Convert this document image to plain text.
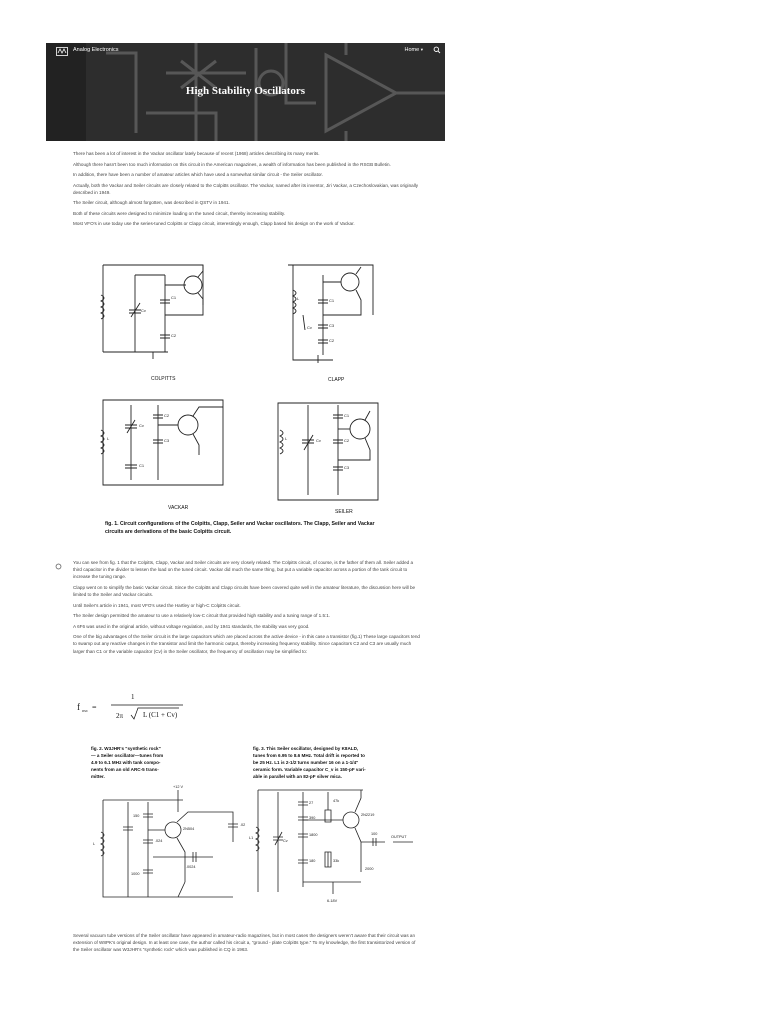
Analog Electronics	Home ▾
High Stability Oscillators

There has been a lot of interest in the Vackar oscillator lately because of recent (1968) articles describing its many merits.

Although there hasn't been too much information on this circuit in the American magazines, a wealth of information has been published in the RSGB Bulletin.

In addition, there have been a number of amateur articles which have used a somewhat similar circuit - the Seiler oscillator.

Actually, both the Vackar and Seiler circuits are closely related to the Colpitts oscillator. The Vackar, named after its inventor, Jiri Vackar, a Czechoslovakian, was originally described in 1949.

The Seiler circuit, although almost forgotten, was described in QSTV in 1941.

Both of these circuits were designed to minimize loading on the tuned circuit, thereby increasing stability.

Most VFO's in use today use the series-tuned Colpitts or Clapp circuit, interestingly enough, Clapp based his design on the work of Vackar.

C1
C2
Cv
L	C1
C3
C2
Cv
L
Cv
C2
C3
C1
L	Cv
C1
C2
C3
COLPITTS	CLAPP
VACKAR
SEILER
fig. 1. Circuit configurations of the Colpitts, Clapp, Seiler and Vackar oscillators. The Clapp, Seiler and Vackar
circuits are derivations of the basic Colpitts circuit.

You can see from fig. 1 that the Colpitts, Clapp, Vackar and Seiler circuits are very closely related. The Colpitts circuit, of course, is the father of them all. Seiler added a third capacitor in the divider to lessen the load on the tuned circuit. Vackar did much the same thing, but put a variable capacitor across a portion of the tank circuit to increase the tuning range.

Clapp went on to simplify the basic Vackar circuit. Since the Colpitts and Clapp circuits have been covered quite well in the amateur literature, the discussion here will be limited to the Seiler and Vackar circuits.

Until Seiler's article in 1941, most VFO's used the Hartley or high-C Colpitts circuit.

The Seiler design permitted the amateur to use a relatively low-C circuit that provided high stability and a tuning range of 1.5:1.

A 6F6 was used in the original article, without voltage regulation, and by 1941 standards, the stability was very good.

One of the big advantages of the Seiler circuit is the large capacitors which are placed across the active device - in this case a transistor (fig.1) These large capacitors tend to swamp out any reactive changes in the transistor and limit the harmonic output, thereby increasing frequency stability. Since capacitors C2 and C3 are usually much larger than C1 or the variable capacitor (Cv) in the Seiler oscillator, the frequency of oscillation may be simplified to:

f osc =
1
2π	L (C1 + Cv)
fig. 2. W3JHR's "synthetic rock"
— a Seiler oscillator—tunes from
4.9 to 6.1 MHz with tank compo-
nents from an old ARC-5 trans-
mitter.
fig. 3. This Seiler oscillator, designed by K8ALD,
tunes from 6.95 to 8.6 MHz. Total drift is reported to
be 25 Hz. L1 is 2-1/2 turns number 16 on a 1-1/4"
ceramic form. Variable capacitor C_v is 150-pF vari-
able in parallel with an 82-pF silver mica.
+12 V
2N504
L
150
.024
.0024
1000
.02
27
390
1800
180
2000
47k
33k
2N2219
100
OUTPUT
6-18V
L1
Cv

Several vacuum tube versions of the Seiler oscillator have appeared in amateur-radio magazines, but in most cases the designers weren't aware that their circuit was an extension of W8PK's original design. In at least one case, the author called his circuit a, "ground - plate Colpitts type." To my knowledge, the first transistorized version of the Seiler oscillator was W3JHR's "synthetic rock" which was published in CQ in 1963.
